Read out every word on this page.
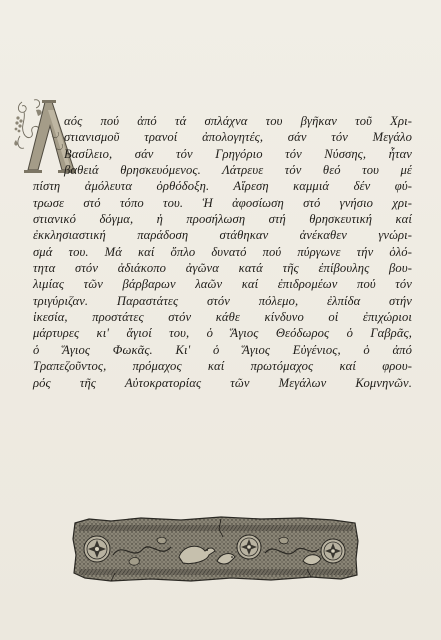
Λ
αός πού ἀπό τά σπλάχνα του βγῆκαν τοῦ Χρι-
στιανισμοῦ τρανοί ἀπολογητές, σάν τόν Μεγάλο
Βασίλειο, σάν τόν Γρηγόριο τόν Νύσσης, ἦταν
βαθειά θρησκευόμενος. Λάτρευε τόν θεό του μέ
πίστη ἀμόλευτα ὀρθόδοξη. Αἵρεση καμμιά δέν φύ-
τρωσε στό τόπο του. Ἡ ἀφοσίωση στό γνήσιο χρι-
στιανικό δόγμα, ἡ προσήλωση στή θρησκευτική καί
ἐκκλησιαστική παράδοση στάθηκαν ἀνέκαθεν γνώρι-
σμά του. Μά καί ὅπλο δυνατό πού πύργωνε τήν ὁλό-
τητα στόν ἀδιάκοπο ἀγῶνα κατά τῆς ἐπίβουλης βου-
λιμίας τῶν βάρβαρων λαῶν καί ἐπιδρομέων πού τόν
τριγύριζαν. Παραστάτες στόν πόλεμο, ἐλπίδα στήν
ἱκεσία, προστάτες στόν κάθε κίνδυνο οἱ ἐπιχώριοι
μάρτυρες κι' ἅγιοί του, ὁ Ἅγιος Θεόδωρος ὁ Γαβρᾶς,
ὁ Ἅγιος Φωκᾶς. Κι' ὁ Ἅγιος Εὐγένιος, ὁ ἀπό
Τραπεζοῦντος, πρόμαχος καί πρωτόμαχος καί φρου-
ρός τῆς Αὐτοκρατορίας τῶν Μεγάλων Κομνηνῶν.
